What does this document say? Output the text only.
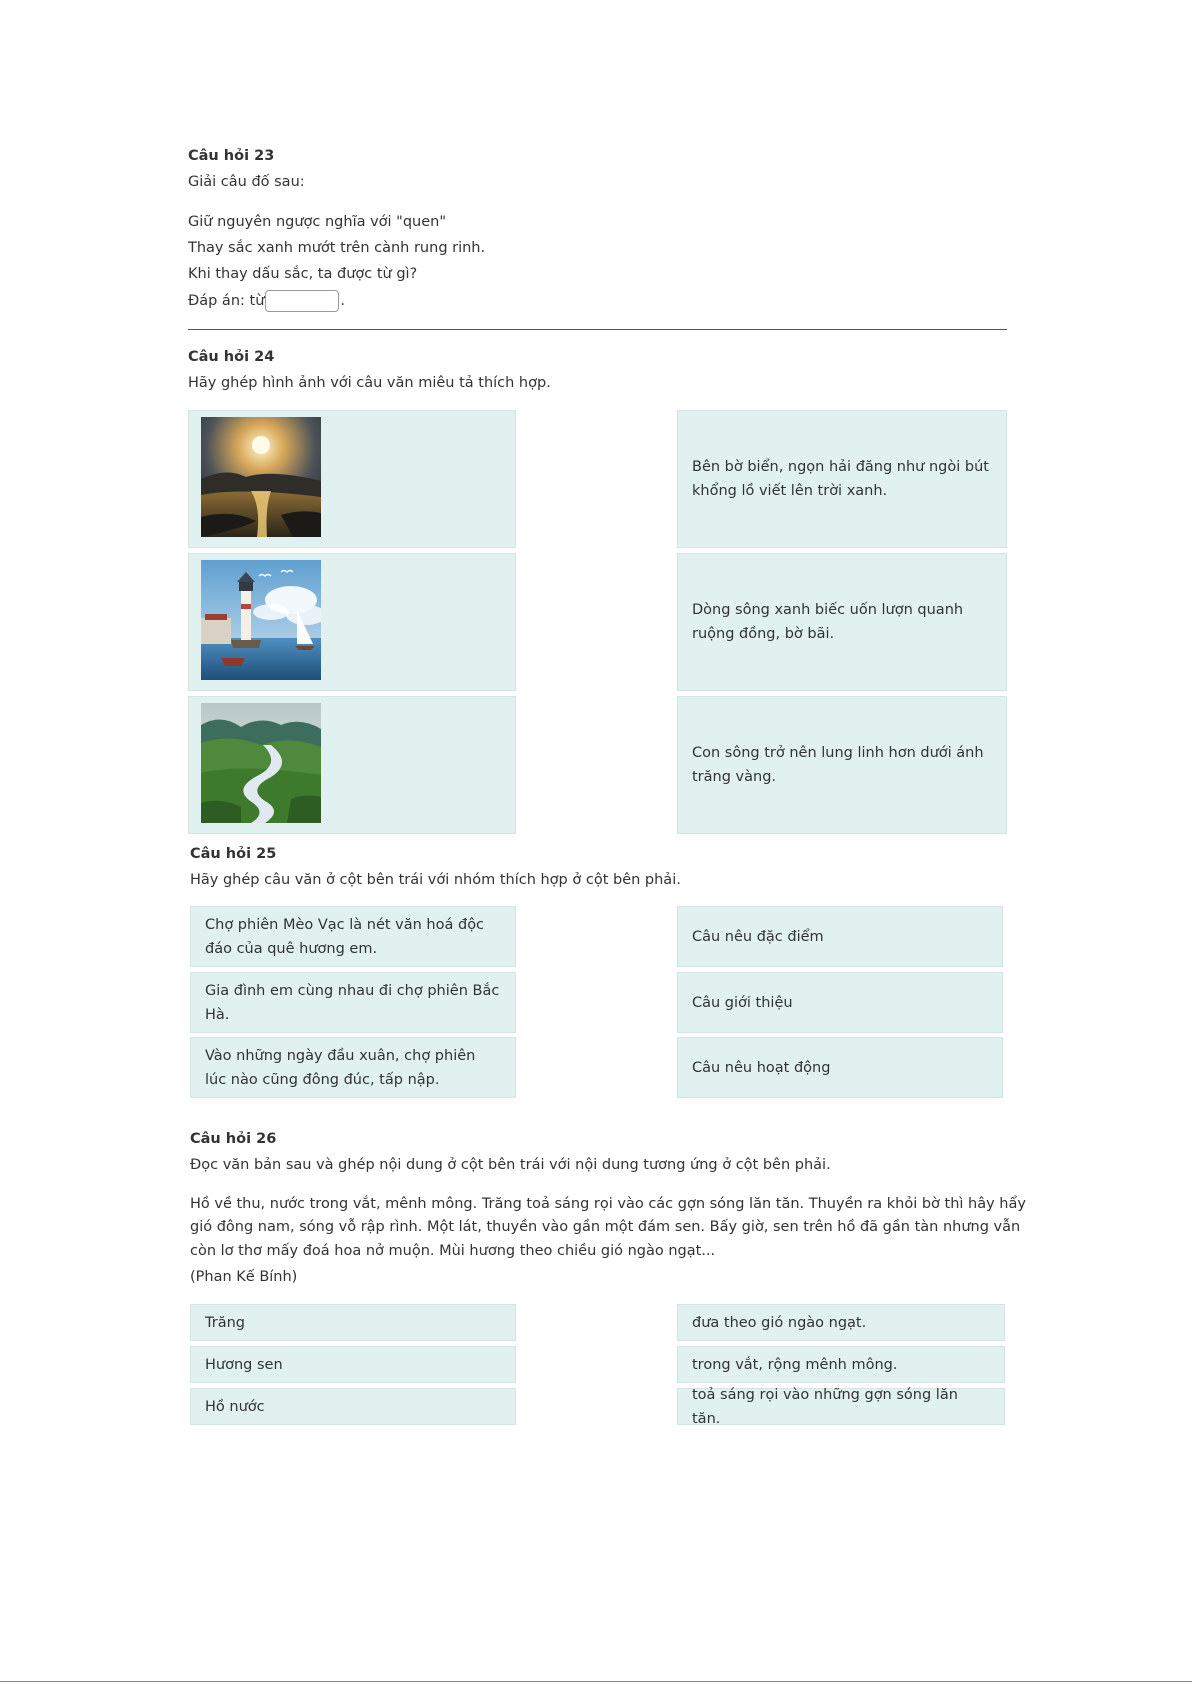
Câu hỏi 23
Giải câu đố sau:
Giữ nguyên ngược nghĩa với "quen"
Thay sắc xanh mướt trên cành rung rinh.
Khi thay dấu sắc, ta được từ gì?
Đáp án: từ	.
Câu hỏi 24
Hãy ghép hình ảnh với câu văn miêu tả thích hợp.
Bên bờ biển, ngọn hải đăng như ngòi bút khổng lồ viết lên trời xanh.
Dòng sông xanh biếc uốn lượn quanh ruộng đồng, bờ bãi.
Con sông trở nên lung linh hơn dưới ánh trăng vàng.
Câu hỏi 25
Hãy ghép câu văn ở cột bên trái với nhóm thích hợp ở cột bên phải.
Chợ phiên Mèo Vạc là nét văn hoá độc đáo của quê hương em.
Gia đình em cùng nhau đi chợ phiên Bắc Hà.
Vào những ngày đầu xuân, chợ phiên lúc nào cũng đông đúc, tấp nập.
Câu nêu đặc điểm
Câu giới thiệu
Câu nêu hoạt động
Câu hỏi 26
Đọc văn bản sau và ghép nội dung ở cột bên trái với nội dung tương ứng ở cột bên phải.
Hồ về thu, nước trong vắt, mênh mông. Trăng toả sáng rọi vào các gợn sóng lăn tăn. Thuyền ra khỏi bờ thì hây hẩy
gió đông nam, sóng vỗ rập rình. Một lát, thuyền vào gần một đám sen. Bấy giờ, sen trên hồ đã gần tàn nhưng vẫn
còn lơ thơ mấy đoá hoa nở muộn. Mùi hương theo chiều gió ngào ngạt...
(Phan Kế Bính)
Trăng
Hương sen
Hồ nước
đưa theo gió ngào ngạt.
trong vắt, rộng mênh mông.
toả sáng rọi vào những gợn sóng lăn tăn.
